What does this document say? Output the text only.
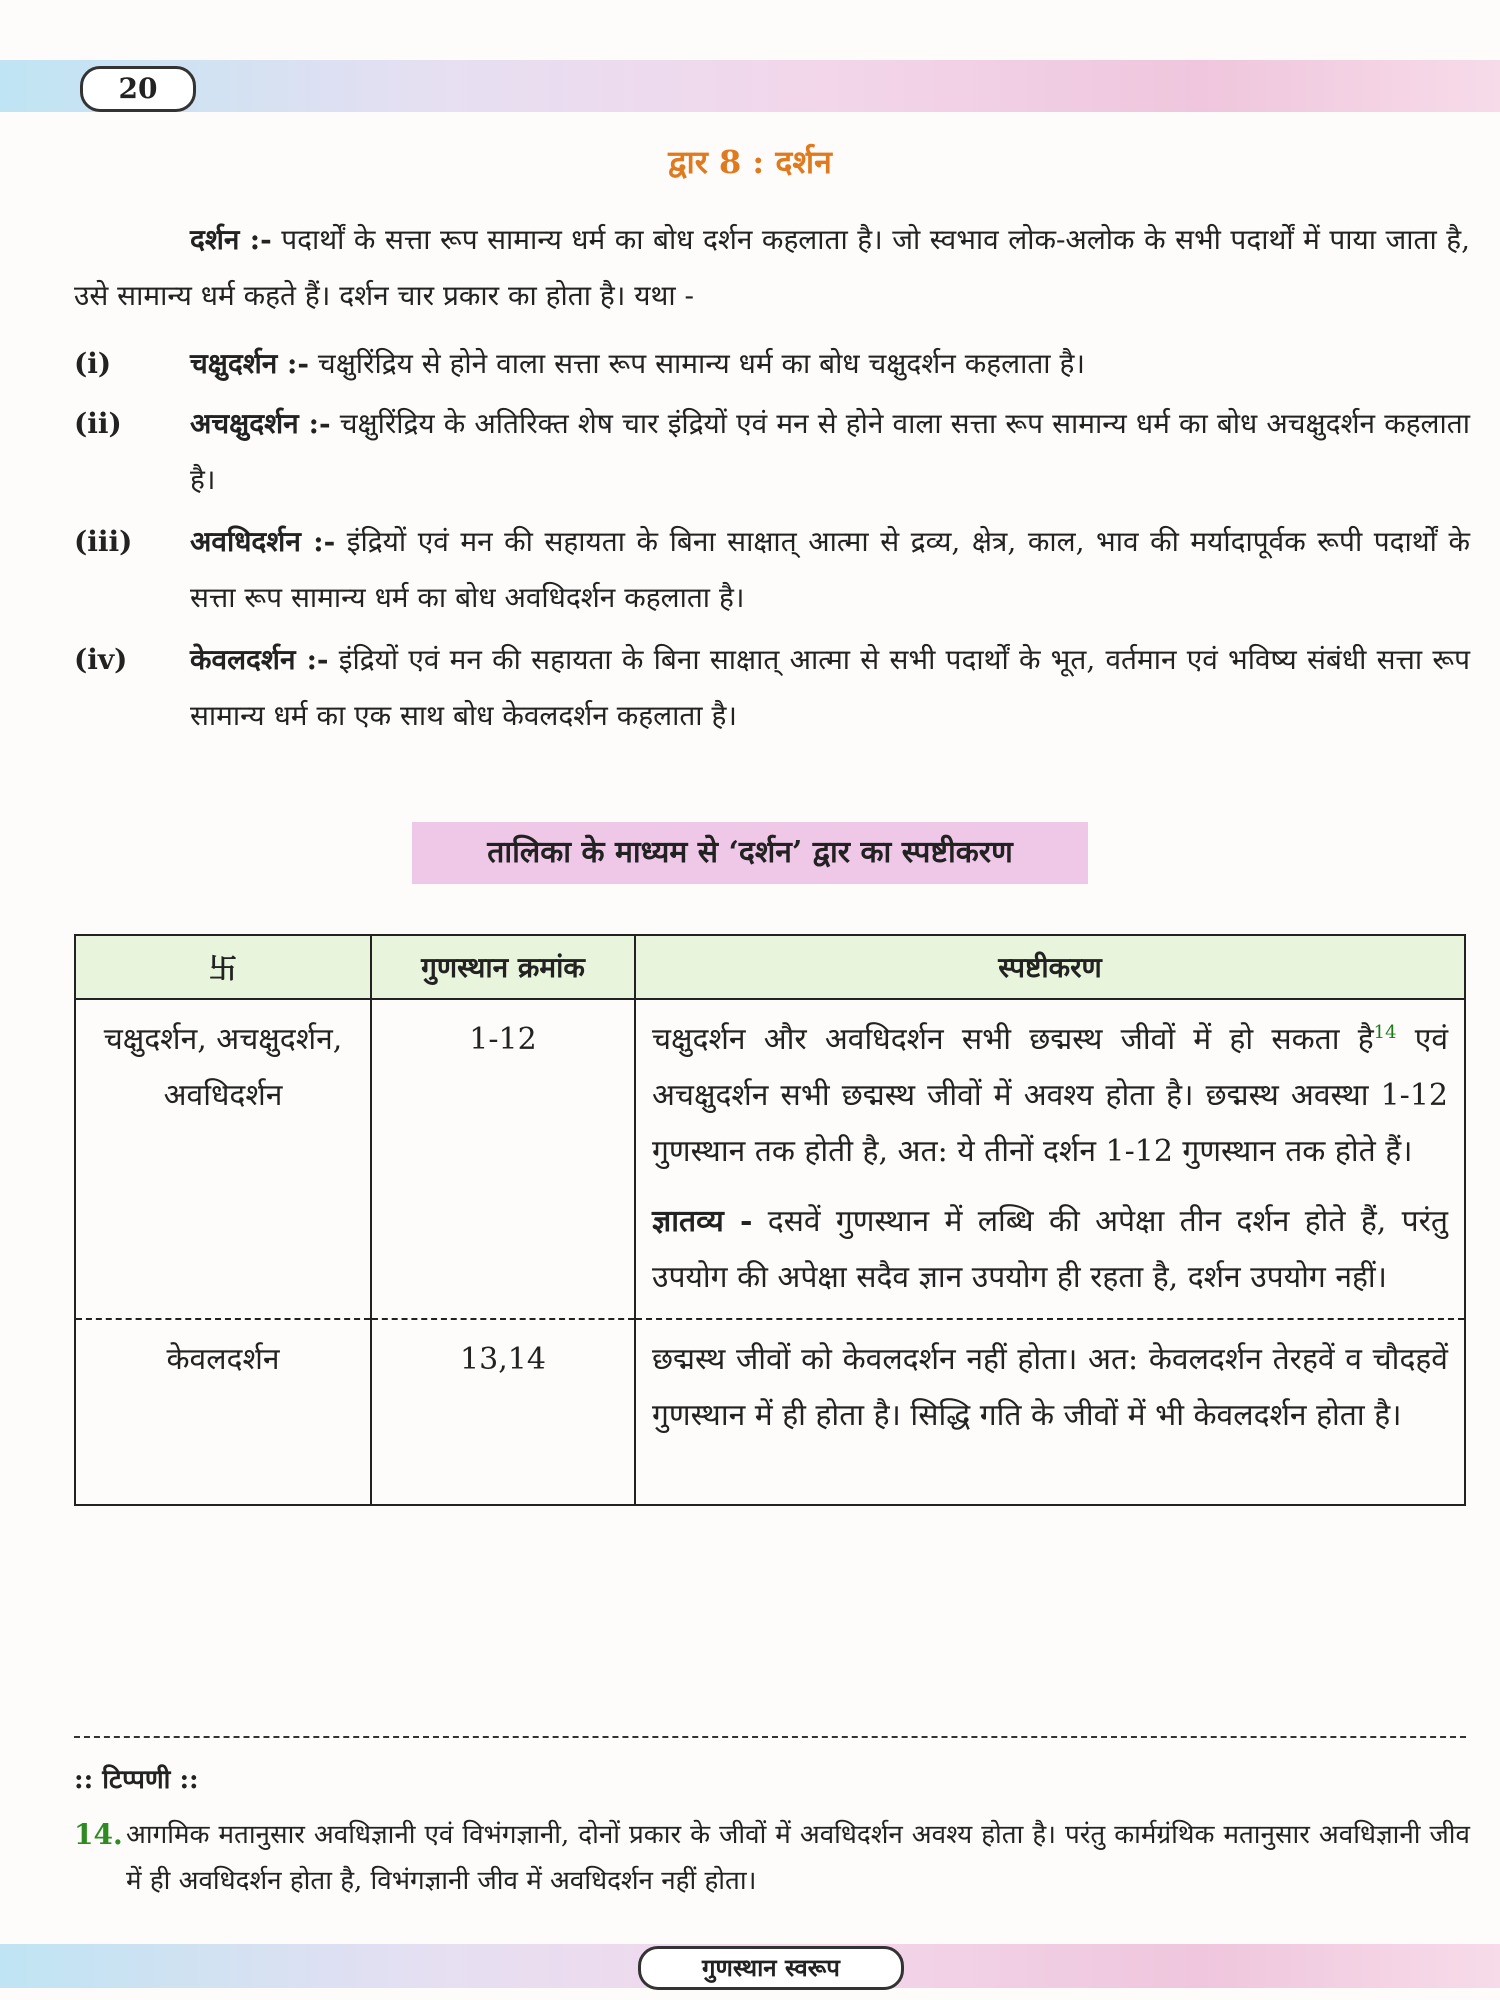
20
द्वार 8 : दर्शन
दर्शन :- पदार्थों के सत्ता रूप सामान्य धर्म का बोध दर्शन कहलाता है। जो स्वभाव लोक-अलोक के सभी पदार्थों में पाया जाता है, उसे सामान्य धर्म कहते हैं। दर्शन चार प्रकार का होता है। यथा -
(i)	चक्षुदर्शन :- चक्षुरिंद्रिय से होने वाला सत्ता रूप सामान्य धर्म का बोध चक्षुदर्शन कहलाता है।
(ii) अचक्षुदर्शन :- चक्षुरिंद्रिय के अतिरिक्त शेष चार इंद्रियों एवं मन से होने वाला सत्ता रूप सामान्य धर्म का बोध अचक्षुदर्शन कहलाता है।
(iii) अवधिदर्शन :- इंद्रियों एवं मन की सहायता के बिना साक्षात् आत्मा से द्रव्य, क्षेत्र, काल, भाव की मर्यादापूर्वक रूपी पदार्थों के सत्ता रूप सामान्य धर्म का बोध अवधिदर्शन कहलाता है।
(iv) केवलदर्शन :- इंद्रियों एवं मन की सहायता के बिना साक्षात् आत्मा से सभी पदार्थों के भूत, वर्तमान एवं भविष्य संबंधी सत्ता रूप सामान्य धर्म का एक साथ बोध केवलदर्शन कहलाता है।
तालिका के माध्यम से ‘दर्शन’ द्वार का स्पष्टीकरण
卐	गुणस्थान क्रमांक	स्पष्टीकरण
चक्षुदर्शन, अचक्षुदर्शन, अवधिदर्शन	1-12	चक्षुदर्शन और अवधिदर्शन सभी छद्मस्थ जीवों में हो सकता है$^{14}$ एवं अचक्षुदर्शन सभी छद्मस्थ जीवों में अवश्य होता है। छद्मस्थ अवस्था 1-12 गुणस्थान तक होती है, अत: ये तीनों दर्शन 1-12 गुणस्थान तक होते हैं।
ज्ञातव्य - दसवें गुणस्थान में लब्धि की अपेक्षा तीन दर्शन होते हैं, परंतु उपयोग की अपेक्षा सदैव ज्ञान उपयोग ही रहता है, दर्शन उपयोग नहीं।

केवलदर्शन	13,14	छद्मस्थ जीवों को केवलदर्शन नहीं होता। अत: केवलदर्शन तेरहवें व चौदहवें गुणस्थान में ही होता है। सिद्धि गति के जीवों में भी केवलदर्शन होता है।
:: टिप्पणी ::
14. आगमिक मतानुसार अवधिज्ञानी एवं विभंगज्ञानी, दोनों प्रकार के जीवों में अवधिदर्शन अवश्य होता है। परंतु कार्मग्रंथिक मतानुसार अवधिज्ञानी जीव में ही अवधिदर्शन होता है, विभंगज्ञानी जीव में अवधिदर्शन नहीं होता।
गुणस्थान स्वरूप
